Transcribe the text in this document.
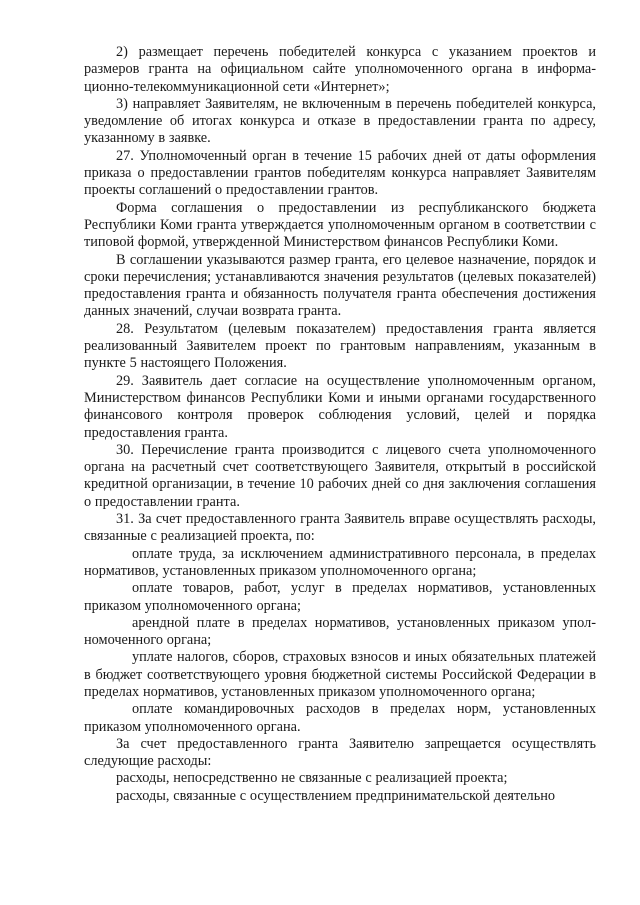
2) размещает перечень победителей конкурса с указанием проектов и размеров гранта на официальном сайте уполномоченного органа в информационно-телекоммуникационной сети «Интернет»;

3) направляет Заявителям, не включенным в перечень победителей конкурса, уведомление об итогах конкурса и отказе в предоставлении гранта по адресу, указанному в заявке.

27. Уполномоченный орган в течение 15 рабочих дней от даты оформления приказа о предоставлении грантов победителям конкурса направляет Заявителям проекты соглашений о предоставлении грантов.

Форма соглашения о предоставлении из республиканского бюджета Республики Коми гранта утверждается уполномоченным органом в соответствии с типовой формой, утвержденной Министерством финансов Республики Коми.

В соглашении указываются размер гранта, его целевое назначение, порядок и сроки перечисления; устанавливаются значения результатов (целевых показателей) предоставления гранта и обязанность получателя гранта обеспечения достижения данных значений, случаи возврата гранта.

28. Результатом (целевым показателем) предоставления гранта является реализованный Заявителем проект по грантовым направлениям, указанным в пункте 5 настоящего Положения.

29. Заявитель дает согласие на осуществление уполномоченным органом, Министерством финансов Республики Коми и иными органами государственного финансового контроля проверок соблюдения условий, целей и порядка предоставления гранта.

30. Перечисление гранта производится с лицевого счета уполномоченного органа на расчетный счет соответствующего Заявителя, открытый в российской кредитной организации, в течение 10 рабочих дней со дня заключения соглашения о предоставлении гранта.

31. За счет предоставленного гранта Заявитель вправе осуществлять расходы, связанные с реализацией проекта, по:

оплате труда, за исключением административного персонала, в пределах нормативов, установленных приказом уполномоченного органа;

оплате товаров, работ, услуг в пределах нормативов, установленных приказом уполномоченного органа;

арендной плате в пределах нормативов, установленных приказом уполномоченного органа;

уплате налогов, сборов, страховых взносов и иных обязательных платежей в бюджет соответствующего уровня бюджетной системы Российской Федерации в пределах нормативов, установленных приказом уполномоченного органа;

оплате командировочных расходов в пределах норм, установленных приказом уполномоченного органа.

За счет предоставленного гранта Заявителю запрещается осуществлять следующие расходы:

расходы, непосредственно не связанные с реализацией проекта;

расходы, связанные с осуществлением предпринимательской деятельно
